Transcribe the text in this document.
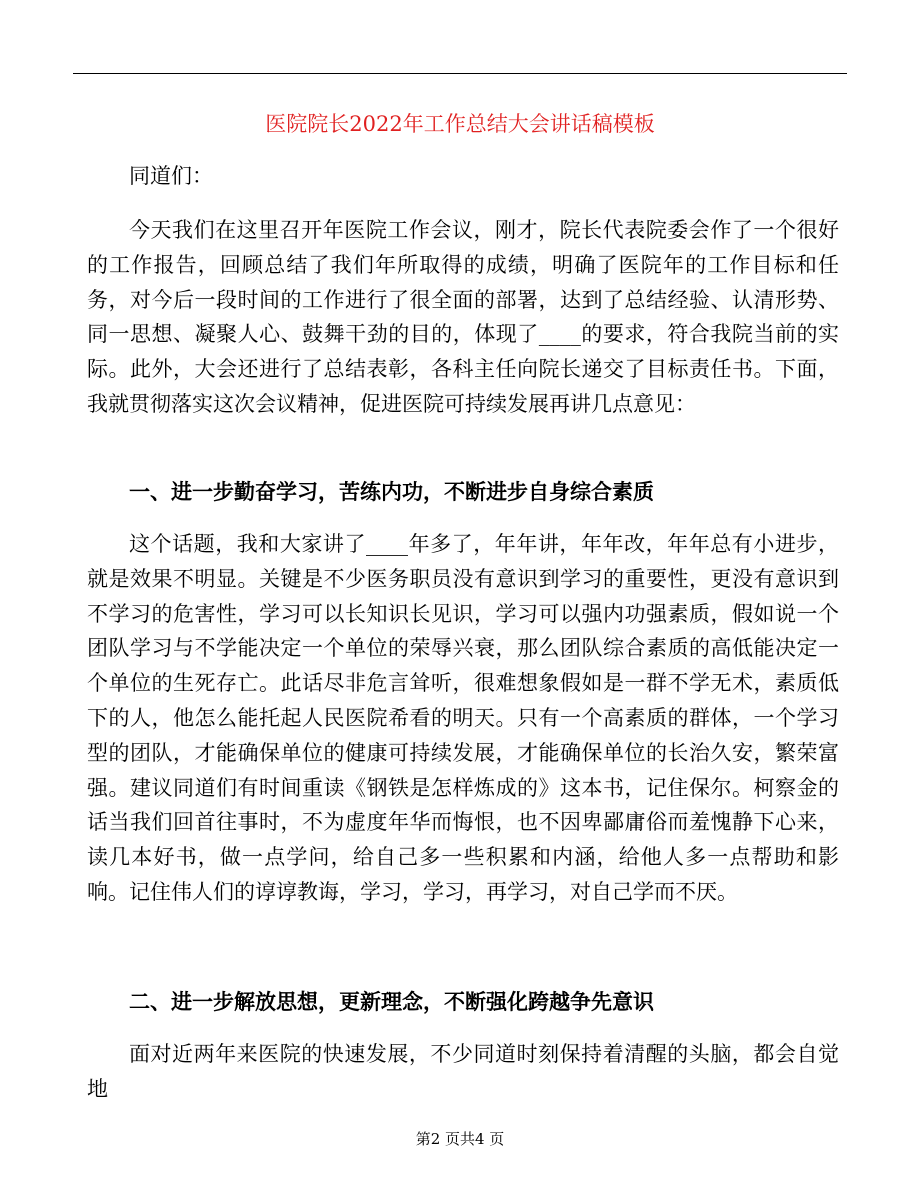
医院院长2022年工作总结大会讲话稿模板
同道们：
今天我们在这里召开年医院工作会议，刚才，院长代表院委会作了一个很好的工作报告，回顾总结了我们年所取得的成绩，明确了医院年的工作目标和任务，对今后一段时间的工作进行了很全面的部署，达到了总结经验、认清形势、同一思想、凝聚人心、鼓舞干劲的目的，体现了____的要求，符合我院当前的实际。此外，大会还进行了总结表彰，各科主任向院长递交了目标责任书。下面，我就贯彻落实这次会议精神，促进医院可持续发展再讲几点意见：
一、进一步勤奋学习，苦练内功，不断进步自身综合素质
这个话题，我和大家讲了____年多了，年年讲，年年改，年年总有小进步，就是效果不明显。关键是不少医务职员没有意识到学习的重要性，更没有意识到不学习的危害性，学习可以长知识长见识，学习可以强内功强素质，假如说一个团队学习与不学能决定一个单位的荣辱兴衰，那么团队综合素质的高低能决定一个单位的生死存亡。此话尽非危言耸听，很难想象假如是一群不学无术，素质低下的人，他怎么能托起人民医院希看的明天。只有一个高素质的群体，一个学习型的团队，才能确保单位的健康可持续发展，才能确保单位的长治久安，繁荣富强。建议同道们有时间重读《钢铁是怎样炼成的》这本书，记住保尔。柯察金的话当我们回首往事时，不为虚度年华而悔恨，也不因卑鄙庸俗而羞愧静下心来，读几本好书，做一点学问，给自己多一些积累和内涵，给他人多一点帮助和影响。记住伟人们的谆谆教诲，学习，学习，再学习，对自己学而不厌。
二、进一步解放思想，更新理念，不断强化跨越争先意识
面对近两年来医院的快速发展，不少同道时刻保持着清醒的头脑，都会自觉地
第2 页共4 页
